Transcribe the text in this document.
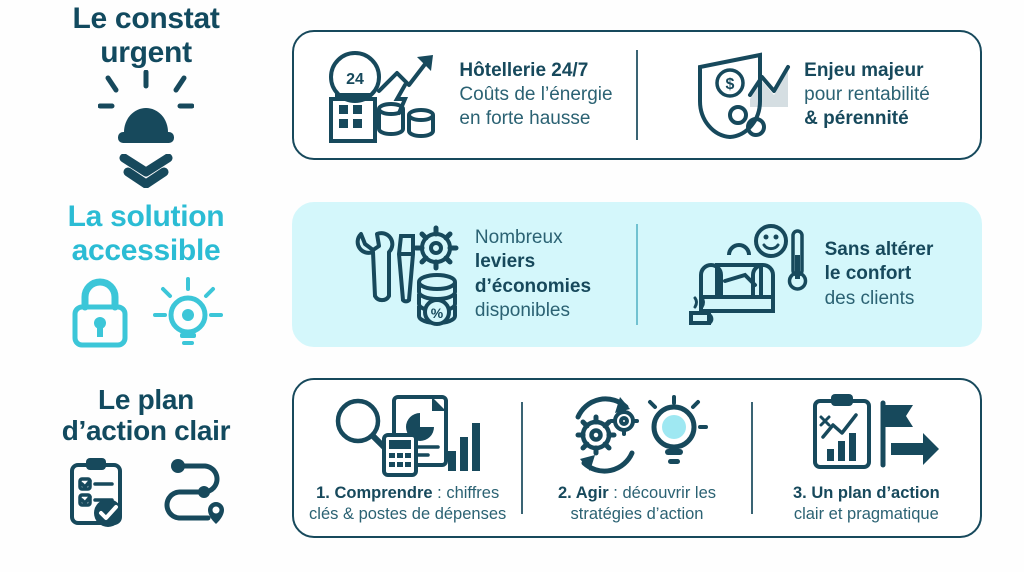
Le constat
urgent
24	Hôtellerie 24/7
Coûts de l’énergie
en forte hausse
$
Enjeu majeur
pour rentabilité
& pérennité
La solution
accessible
%
Nombreux
leviers
d’économies
disponibles
Sans altérer
le confort
des clients
Le plan
d’action clair
1. Comprendre : chiffres
clés & postes de dépenses
2. Agir : découvrir les
stratégies d’action
3. Un plan d’action
clair et pragmatique
